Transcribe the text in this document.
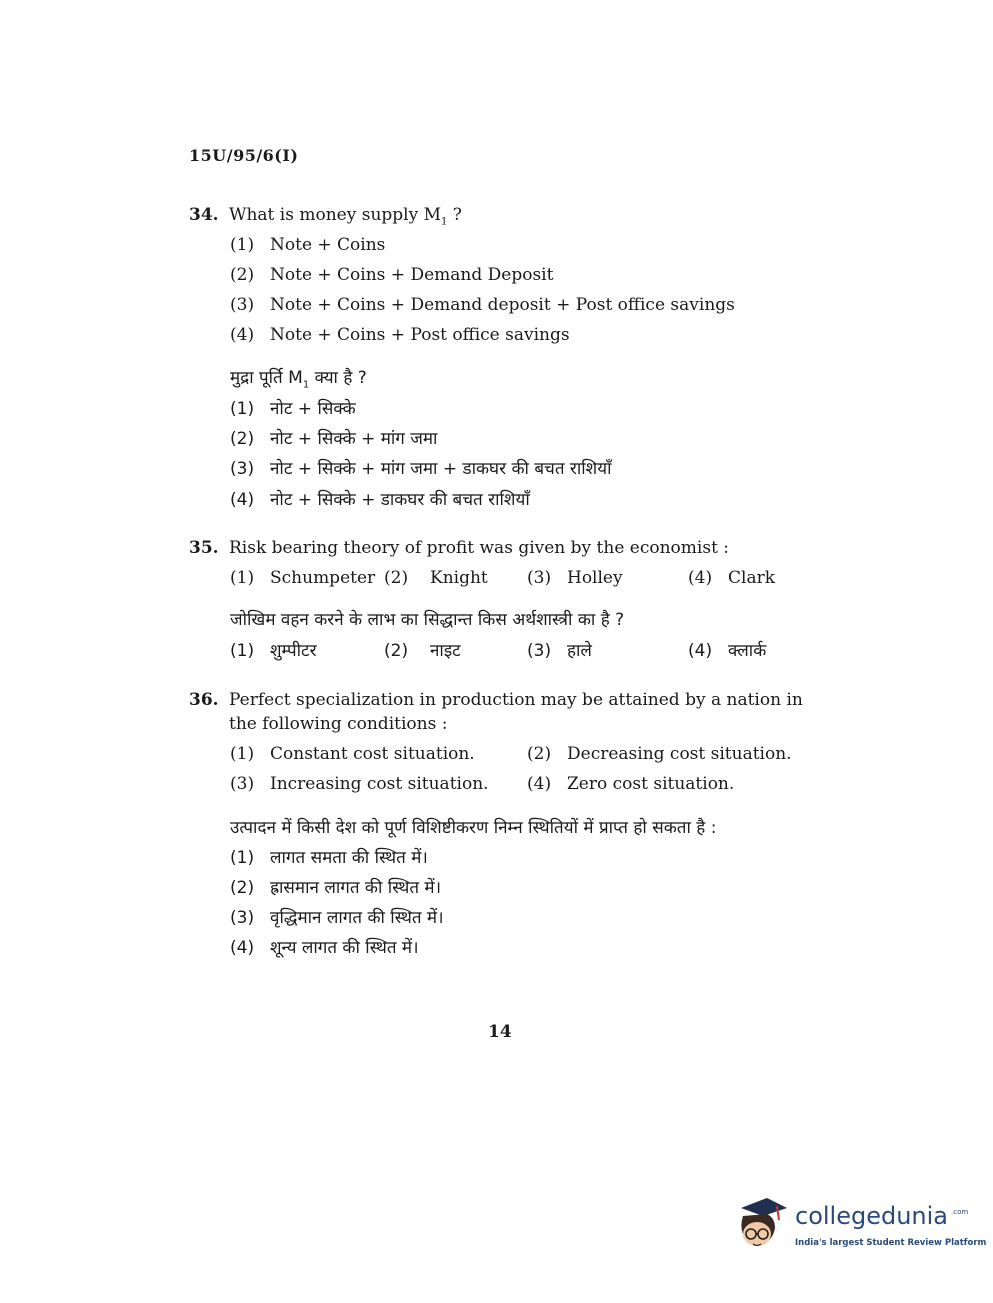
15U/95/6(I)
34. What is money supply $M_1$ ?
(1) Note + Coins
(2) Note + Coins + Demand Deposit
(3) Note + Coins + Demand deposit + Post office savings
(4) Note + Coins + Post office savings
मुद्रा पूर्ति $M_1$ क्या है ?
(1) नोट + सिक्के
(2) नोट + सिक्के + मांग जमा
(3) नोट + सिक्के + मांग जमा + डाकघर की बचत राशियाँ
(4) नोट + सिक्के + डाकघर की बचत राशियाँ
35. Risk bearing theory of profit was given by the economist :
(1) Schumpeter (2) Knight (3) Holley	(4) Clark
जोखिम वहन करने के लाभ का सिद्धान्त किस अर्थशास्त्री का है ?
(1) शुम्पीटर	(2) नाइट	(3) हाले	(4) क्लार्क
36. Perfect specialization in production may be attained by a nation in
the following conditions :
(1) Constant cost situation.	(2) Decreasing cost situation.
(3) Increasing cost situation. (4) Zero cost situation.
उत्पादन में किसी देश को पूर्ण विशिष्टीकरण निम्न स्थितियों में प्राप्त हो सकता है :
(1) लागत समता की स्थित में।
(2) ह्रासमान लागत की स्थित में।
(3) वृद्धिमान लागत की स्थित में।
(4) शून्य लागत की स्थित में।
14
collegedunia .com
India's largest Student Review Platform
